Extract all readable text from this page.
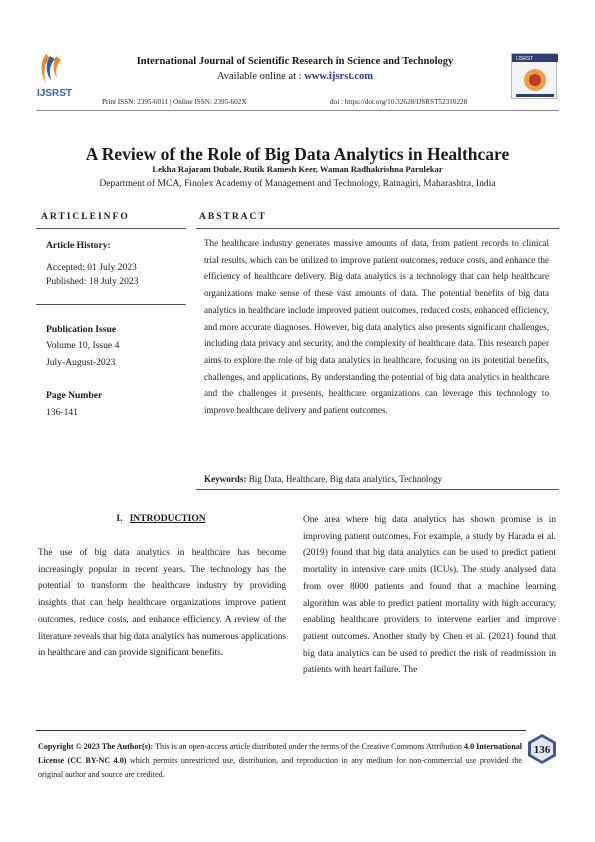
IJSRST
International Journal of Scientific Research in Science and Technology
Available online at : www.ijsrst.com
Print ISSN: 2395-6011 | Online ISSN: 2395-602X	doi : https://doi.org/10.32628/IJSRST52310228
IJSRST
A Review of the Role of Big Data Analytics in Healthcare
Lekha Rajaram Dubale, Rutik Ramesh Keer, Waman Radhakrishna Parulekar
Department of MCA, Finolex Academy of Management and Technology, Ratnagiri, Maharashtra, India
ARTICLEINFO
Article History:
Accepted: 01 July 2023
Published: 18 July 2023
Publication Issue
Volume 10, Issue 4
July-August-2023
Page Number
136-141
ABSTRACT
The healthcare industry generates massive amounts of data, from patient records to clinical trial results, which can be utilized to improve patient outcomes, reduce costs, and enhance the efficiency of healthcare delivery. Big data analytics is a technology that can help healthcare organizations make sense of these vast amounts of data. The potential benefits of big data analytics in healthcare include improved patient outcomes, reduced costs, enhanced efficiency, and more accurate diagnoses. However, big data analytics also presents significant challenges, including data privacy and security, and the complexity of healthcare data. This research paper aims to explore the role of big data analytics in healthcare, focusing on its potential benefits, challenges, and applications. By understanding the potential of big data analytics in healthcare and the challenges it presents, healthcare organizations can leverage this technology to improve healthcare delivery and patient outcomes.
Keywords: Big Data, Healthcare, Big data analytics, Technology
I. INTRODUCTION
The use of big data analytics in healthcare has become increasingly popular in recent years. The technology has the potential to transform the healthcare industry by providing insights that can help healthcare organizations improve patient outcomes, reduce costs, and enhance efficiency. A review of the literature reveals that big data analytics has numerous applications in healthcare and can provide significant benefits.
One area where big data analytics has shown promise is in improving patient outcomes. For example, a study by Harada et al. (2019) found that big data analytics can be used to predict patient mortality in intensive care units (ICUs). The study analysed data from over 8000 patients and found that a machine learning algorithm was able to predict patient mortality with high accuracy, enabling healthcare providers to intervene earlier and improve patient outcomes. Another study by Chen et al. (2021) found that big data analytics can be used to predict the risk of readmission in patients with heart failure. The
Copyright © 2023 The Author(s): This is an open-access article distributed under the terms of the Creative Commons Attribution 4.0 International License (CC BY-NC 4.0) which permits unrestricted use, distribution, and reproduction in any medium for non-commercial use provided the original author and source are credited.
136
